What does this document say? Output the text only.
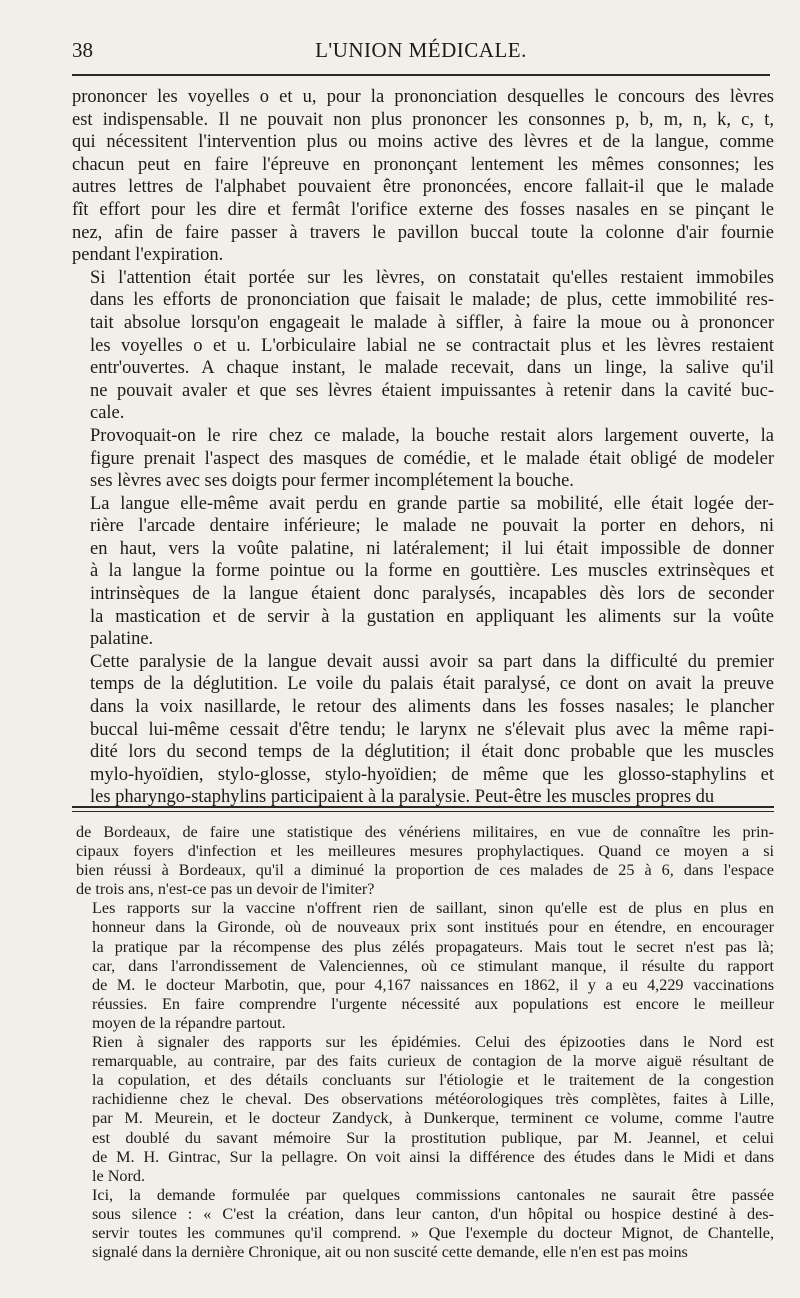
38	L'UNION MÉDICALE.

prononcer les voyelles o et u, pour la prononciation desquelles le concours des lèvres
est indispensable. Il ne pouvait non plus prononcer les consonnes p, b, m, n, k, c, t,
qui nécessitent l'intervention plus ou moins active des lèvres et de la langue, comme
chacun peut en faire l'épreuve en prononçant lentement les mêmes consonnes; les
autres lettres de l'alphabet pouvaient être prononcées, encore fallait-il que le malade
fît effort pour les dire et fermât l'orifice externe des fosses nasales en se pinçant le
nez, afin de faire passer à travers le pavillon buccal toute la colonne d'air fournie
pendant l'expiration.

Si l'attention était portée sur les lèvres, on constatait qu'elles restaient immobiles
dans les efforts de prononciation que faisait le malade; de plus, cette immobilité res-
tait absolue lorsqu'on engageait le malade à siffler, à faire la moue ou à prononcer
les voyelles o et u. L'orbiculaire labial ne se contractait plus et les lèvres restaient
entr'ouvertes. A chaque instant, le malade recevait, dans un linge, la salive qu'il
ne pouvait avaler et que ses lèvres étaient impuissantes à retenir dans la cavité buc-
cale.

Provoquait-on le rire chez ce malade, la bouche restait alors largement ouverte, la
figure prenait l'aspect des masques de comédie, et le malade était obligé de modeler
ses lèvres avec ses doigts pour fermer incomplétement la bouche.

La langue elle-même avait perdu en grande partie sa mobilité, elle était logée der-
rière l'arcade dentaire inférieure; le malade ne pouvait la porter en dehors, ni
en haut, vers la voûte palatine, ni latéralement; il lui était impossible de donner
à la langue la forme pointue ou la forme en gouttière. Les muscles extrinsèques et
intrinsèques de la langue étaient donc paralysés, incapables dès lors de seconder
la mastication et de servir à la gustation en appliquant les aliments sur la voûte
palatine.

Cette paralysie de la langue devait aussi avoir sa part dans la difficulté du premier
temps de la déglutition. Le voile du palais était paralysé, ce dont on avait la preuve
dans la voix nasillarde, le retour des aliments dans les fosses nasales; le plancher
buccal lui-même cessait d'être tendu; le larynx ne s'élevait plus avec la même rapi-
dité lors du second temps de la déglutition; il était donc probable que les muscles
mylo-hyoïdien, stylo-glosse, stylo-hyoïdien; de même que les glosso-staphylins et
les pharyngo-staphylins participaient à la paralysie. Peut-être les muscles propres du

de Bordeaux, de faire une statistique des vénériens militaires, en vue de connaître les prin-
cipaux foyers d'infection et les meilleures mesures prophylactiques. Quand ce moyen a si
bien réussi à Bordeaux, qu'il a diminué la proportion de ces malades de 25 à 6, dans l'espace
de trois ans, n'est-ce pas un devoir de l'imiter?

Les rapports sur la vaccine n'offrent rien de saillant, sinon qu'elle est de plus en plus en
honneur dans la Gironde, où de nouveaux prix sont institués pour en étendre, en encourager
la pratique par la récompense des plus zélés propagateurs. Mais tout le secret n'est pas là;
car, dans l'arrondissement de Valenciennes, où ce stimulant manque, il résulte du rapport
de M. le docteur Marbotin, que, pour 4,167 naissances en 1862, il y a eu 4,229 vaccinations
réussies. En faire comprendre l'urgente nécessité aux populations est encore le meilleur
moyen de la répandre partout.

Rien à signaler des rapports sur les épidémies. Celui des épizooties dans le Nord est
remarquable, au contraire, par des faits curieux de contagion de la morve aiguë résultant de
la copulation, et des détails concluants sur l'étiologie et le traitement de la congestion
rachidienne chez le cheval. Des observations météorologiques très complètes, faites à Lille,
par M. Meurein, et le docteur Zandyck, à Dunkerque, terminent ce volume, comme l'autre
est doublé du savant mémoire Sur la prostitution publique, par M. Jeannel, et celui
de M. H. Gintrac, Sur la pellagre. On voit ainsi la différence des études dans le Midi et dans
le Nord.

Ici, la demande formulée par quelques commissions cantonales ne saurait être passée
sous silence : « C'est la création, dans leur canton, d'un hôpital ou hospice destiné à des-
servir toutes les communes qu'il comprend. » Que l'exemple du docteur Mignot, de Chantelle,
signalé dans la dernière Chronique, ait ou non suscité cette demande, elle n'en est pas moins
